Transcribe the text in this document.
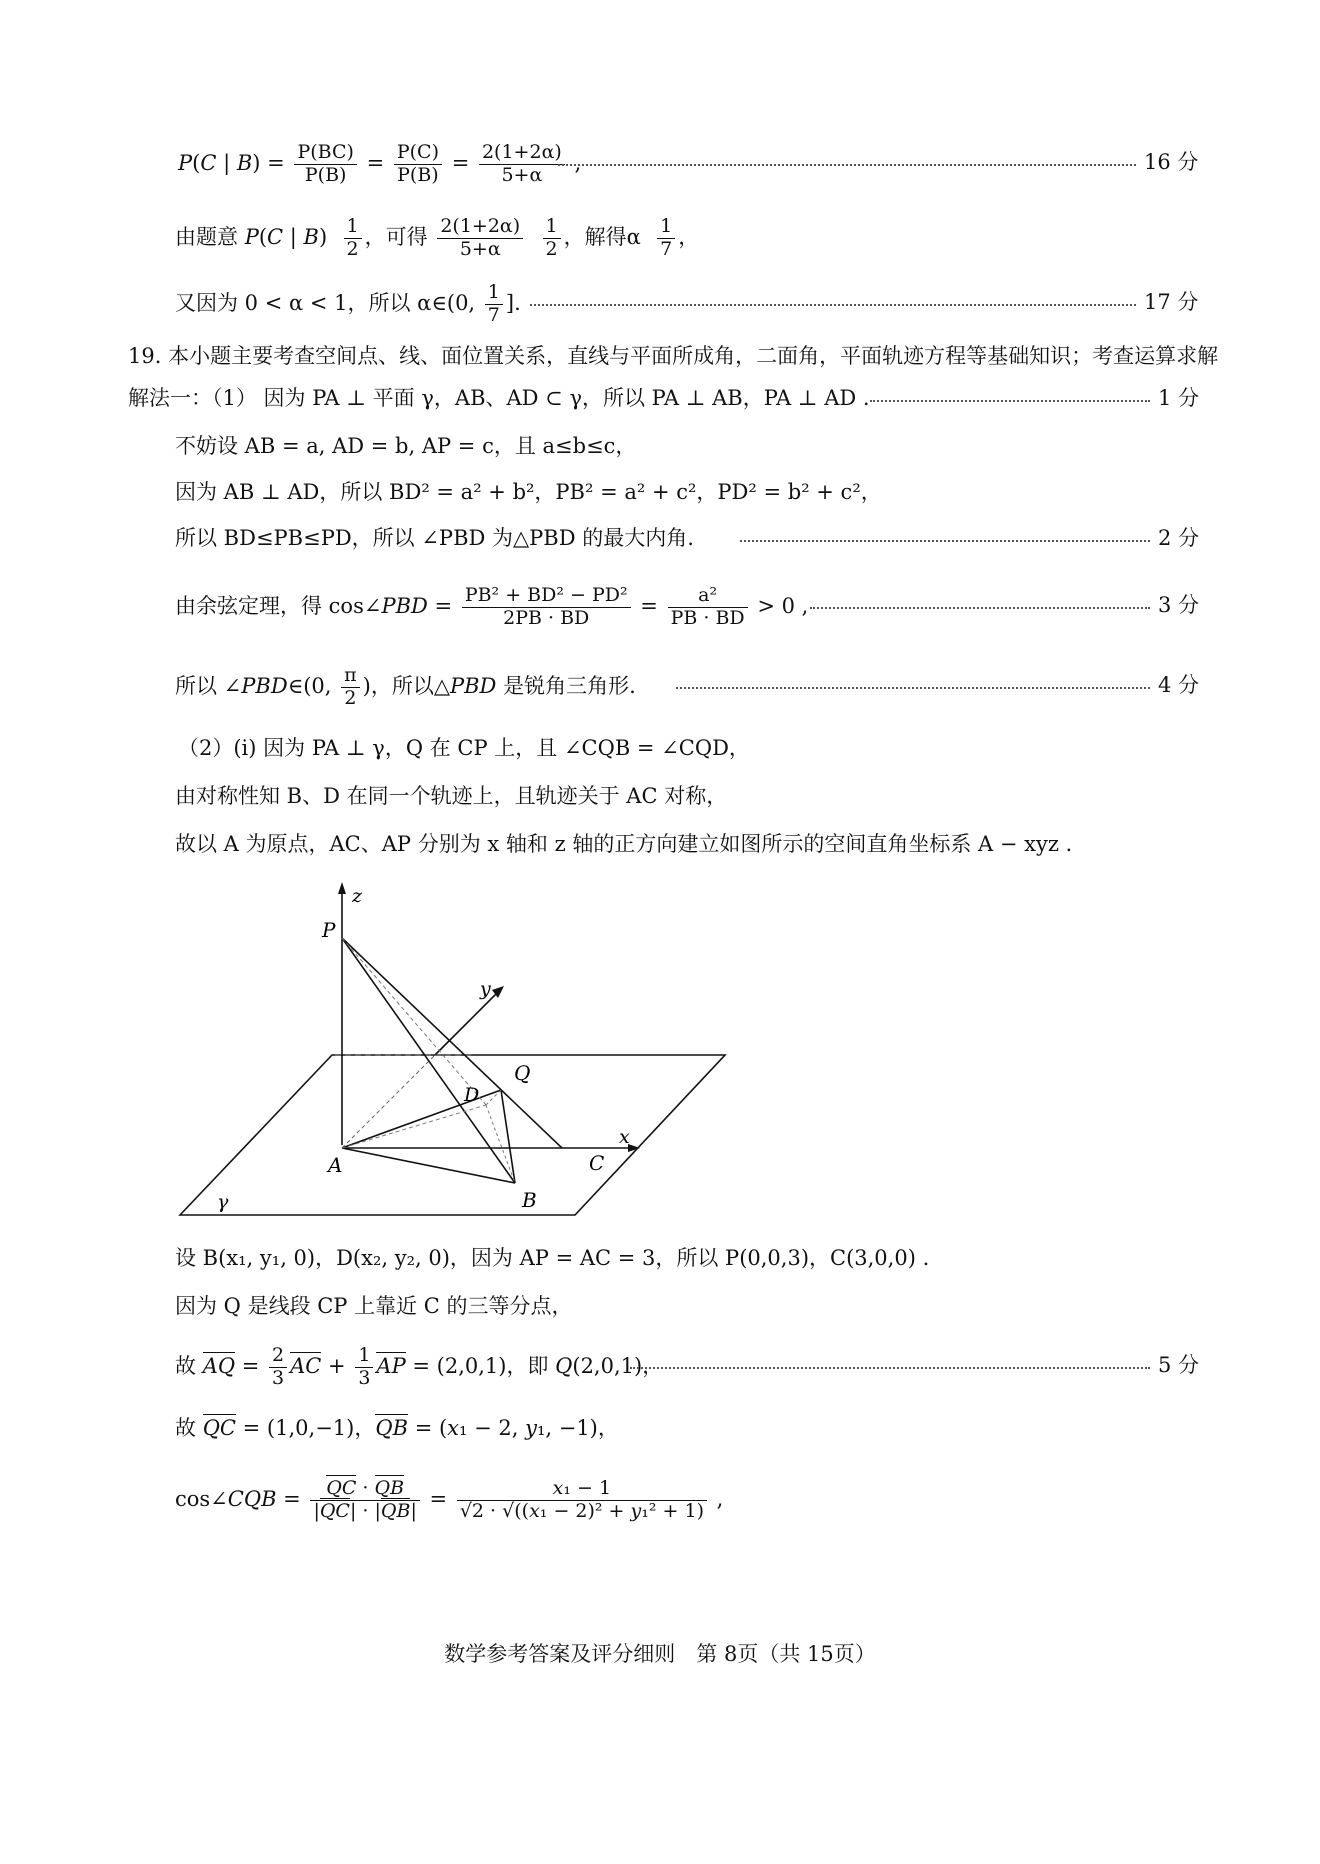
P(C | $B) = \frac{P(BC)}{P(B)} = \frac{P(C)}{P(B)} = \frac{2(1+2\alpha)}{5+\alpha}$ ,	16 分
由题意 P(C | $B) \frac{1}{2}$ ，可得 $\frac{2(1+2\alpha)}{5+\alpha}$
$\frac{1}{2}$ ，解得α $\frac{1}{7}$ ，
又因为 0 < α < 1，所以 α∈(0, $\frac{1}{7}$ ].	17 分
19. 本小题主要考查空间点、线、面位置关系，直线与平面所成角，二面角，平面轨迹方程等基础知识；考查运算求解
解法一：（1） 因为 PA ⊥ 平面 γ，AB、AD ⊂ γ，所以 PA ⊥ AB，PA ⊥ AD .	1 分
不妨设 AB = a, AD = b, AP = c，且 a≤b≤c，
因为 AB ⊥ AD，所以 BD² = a² + b²，PB² = a² + c²，PD² = b² + c²，
所以 BD≤PB≤PD，所以 ∠PBD 为△PBD 的最大内角.	2 分
由余弦定理，得 cos∠PBD = $\frac{\text{PB² + BD² − PD²}}{2PB \cdot BD} = \frac{\text{a²}}{PB \cdot BD} > 0$ ,	3 分
所以 ∠PBD∈(0, $\frac{\pi}{2}$ )，所以△PBD 是锐角三角形.	4 分
（2）(i) 因为 PA ⊥ γ，Q 在 CP 上，且 ∠CQB = ∠CQD，
由对称性知 B、D 在同一个轨迹上，且轨迹关于 AC 对称，
故以 A 为原点，AC、AP 分别为 x 轴和 z 轴的正方向建立如图所示的空间直角坐标系 A − xyz .
z
P
y
Q
D
x
A	C
B
γ
设 B(x₁, y₁, 0)，D(x₂, y₂, 0)，因为 AP = AC = 3，所以 P(0,0,3)，C(3,0,0) .
因为 Q 是线段 CP 上靠近 C 的三等分点，
故 AQ = $\frac{2}{3}$ AC + $\frac{1}{3}$ AP = (2,0,1)，即 Q(2,0,1)，	5 分
故 QC = (1,0,−1)，QB = (x₁ − 2, y₁, −1)，
cos∠CQB = $\frac{QC \cdot QB}{|QC| \cdot |QB|} = \frac{\text{x₁ − 1}}{\text{√2 · √((x₁ − 2)² + y₁² + 1)}}$ ,
数学参考答案及评分细则　第 8页（共 15页）
